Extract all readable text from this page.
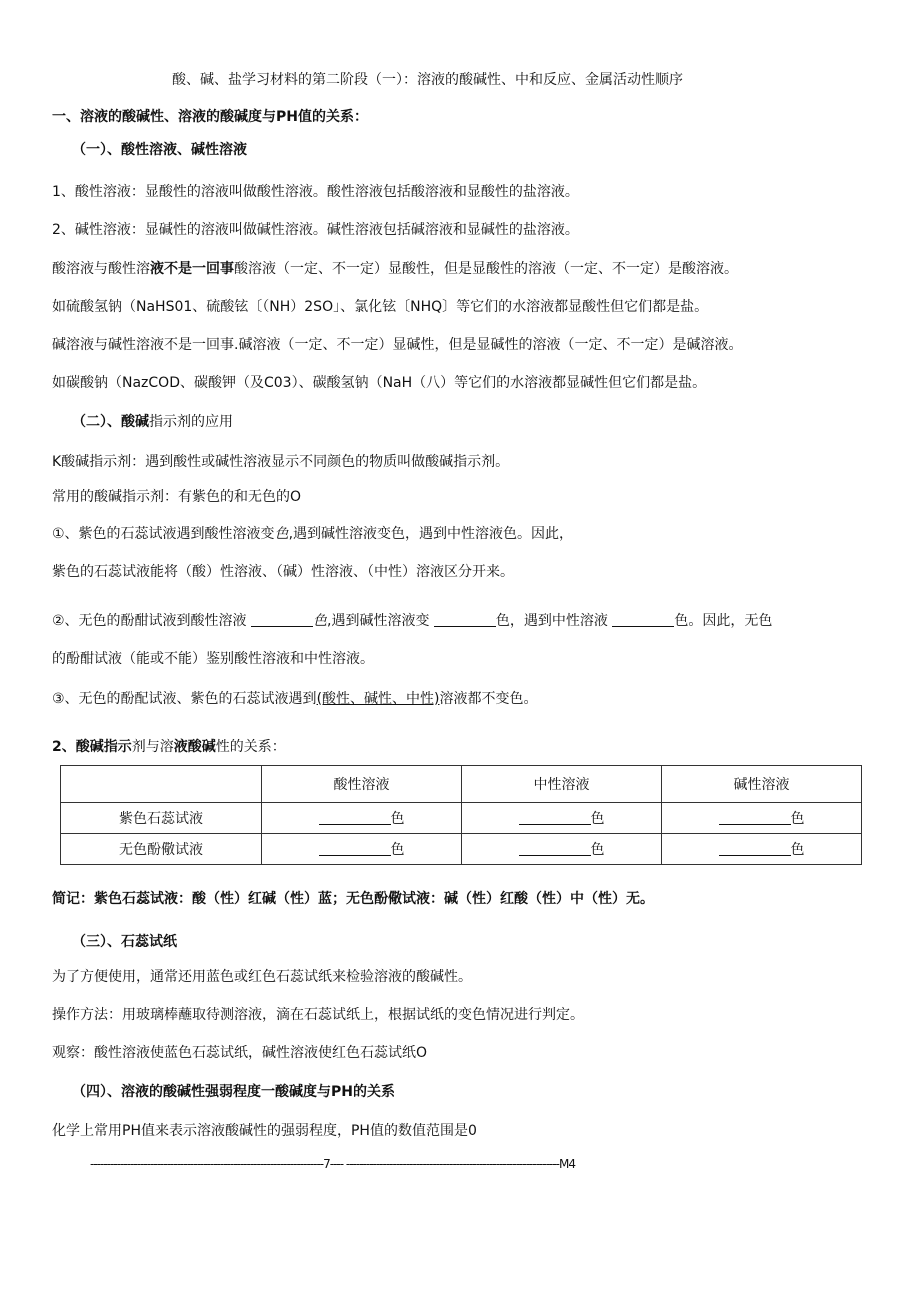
酸、碱、盐学习材料的第二阶段（一）：溶液的酸碱性、中和反应、金属活动性顺序
一、溶液的酸碱性、溶液的酸碱度与PH值的关系：
（一）、酸性溶液、碱性溶液
1、酸性溶液：显酸性的溶液叫做酸性溶液。酸性溶液包括酸溶液和显酸性的盐溶液。
2、碱性溶液：显碱性的溶液叫做碱性溶液。碱性溶液包括碱溶液和显碱性的盐溶液。
酸溶液与酸性溶液不是一回事酸溶液（一定、不一定）显酸性，但是显酸性的溶液（一定、不一定）是酸溶液。
如硫酸氢钠（NaHS01、硫酸铉〔（NH）2SO」、氯化铉〔NHQ〕等它们的水溶液都显酸性但它们都是盐。
碱溶液与碱性溶液不是一回事.碱溶液（一定、不一定）显碱性，但是显碱性的溶液（一定、不一定）是碱溶液。
如碳酸钠（NazCOD、碳酸钾（及C03）、碳酸氢钠（NaH（八）等它们的水溶液都显碱性但它们都是盐。
（二）、酸碱指示剂的应用
K酸碱指示剂：遇到酸性或碱性溶液显示不同颜色的物质叫做酸碱指示剂。
常用的酸碱指示剂：有紫色的和无色的O
①、紫色的石蕊试液遇到酸性溶液变色,遇到碱性溶液变色，遇到中性溶液色。因此，
紫色的石蕊试液能将（酸）性溶液、（碱）性溶液、（中性）溶液区分开来。
②、无色的酚酣试液到酸性溶液	色,遇到碱性溶液变	色，遇到中性溶液	色。因此，无色
的酚酣试液（能或不能）鉴别酸性溶液和中性溶液。
③、无色的酚配试液、紫色的石蕊试液遇到(酸性、碱性、中性)溶液都不变色。
2、酸碱指示剂与溶液酸碱性的关系：
	酸性溶液	中性溶液	碱性溶液
紫色石蕊试液	色	色	色
无色酚儆试液	色	色	色
简记：紫色石蕊试液：酸（性）红碱（性）蓝；无色酚儆试液：碱（性）红酸（性）中（性）无。
（三）、石蕊试纸
为了方便使用，通常还用蓝色或红色石蕊试纸来检验溶液的酸碱性。
操作方法：用玻璃棒蘸取待测溶液，滴在石蕊试纸上，根据试纸的变色情况进行判定。
观察：酸性溶液使蓝色石蕊试纸，碱性溶液使红色石蕊试纸O
（四）、溶液的酸碱性强弱程度一酸碱度与PH的关系
化学上常用PH值来表示溶液酸碱性的强弱程度，PH值的数值范围是0
----------------------------------------------------------------------7---- ----------------------------------------------------------------M4
